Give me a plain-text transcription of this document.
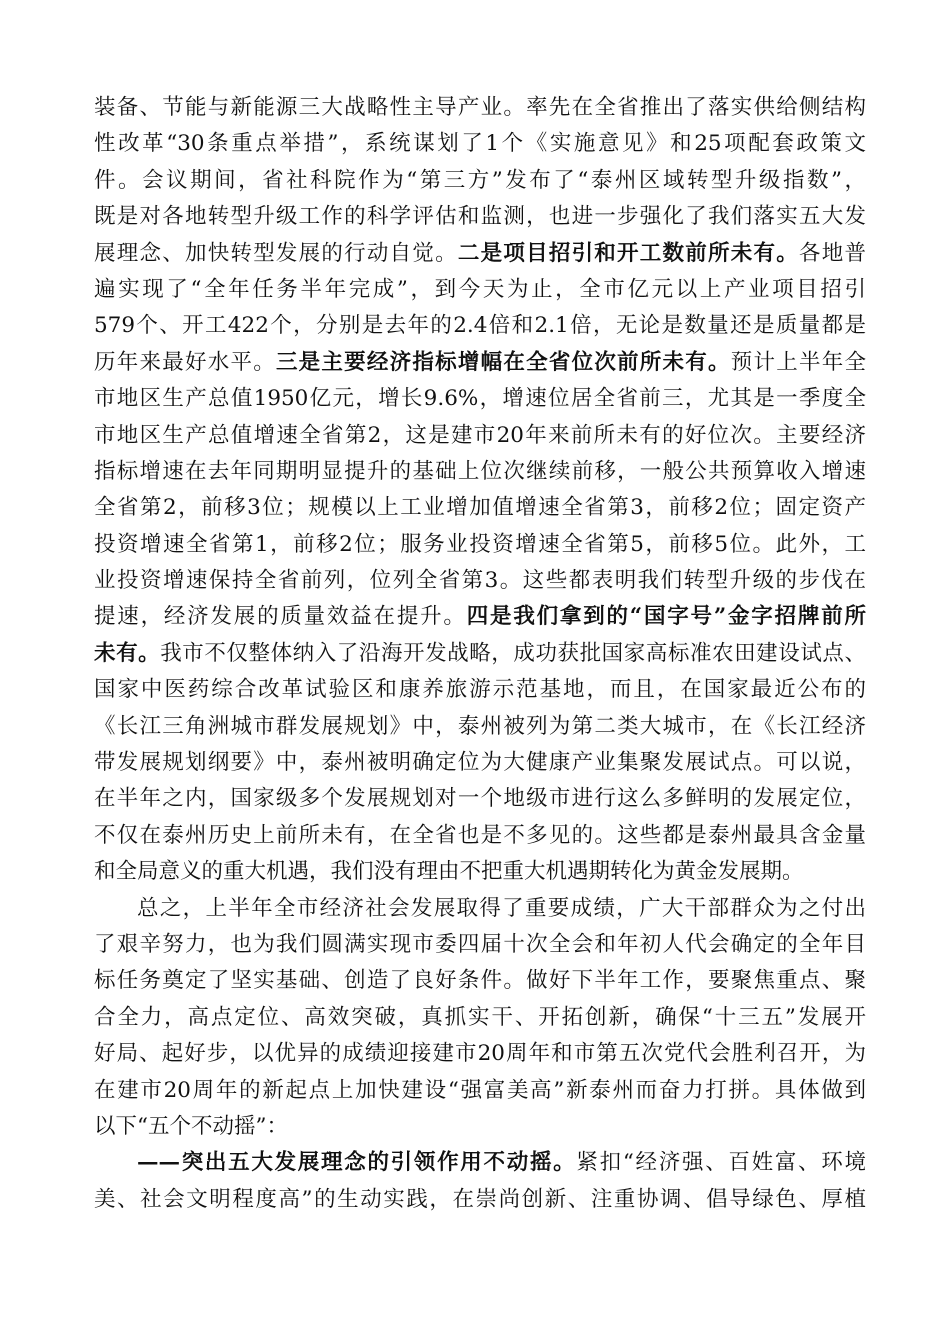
装备、节能与新能源三大战略性主导产业。率先在全省推出了落实供给侧结构
性改革“30条重点举措”，系统谋划了1个《实施意见》和25项配套政策文
件。会议期间，省社科院作为“第三方”发布了“泰州区域转型升级指数”，
既是对各地转型升级工作的科学评估和监测，也进一步强化了我们落实五大发
展理念、加快转型发展的行动自觉。二是项目招引和开工数前所未有。各地普
遍实现了“全年任务半年完成”，到今天为止，全市亿元以上产业项目招引
579个、开工422个，分别是去年的2.4倍和2.1倍，无论是数量还是质量都是
历年来最好水平。三是主要经济指标增幅在全省位次前所未有。预计上半年全
市地区生产总值1950亿元，增长9.6%，增速位居全省前三，尤其是一季度全
市地区生产总值增速全省第2，这是建市20年来前所未有的好位次。主要经济
指标增速在去年同期明显提升的基础上位次继续前移，一般公共预算收入增速
全省第2，前移3位；规模以上工业增加值增速全省第3，前移2位；固定资产
投资增速全省第1，前移2位；服务业投资增速全省第5，前移5位。此外，工
业投资增速保持全省前列，位列全省第3。这些都表明我们转型升级的步伐在
提速，经济发展的质量效益在提升。四是我们拿到的“国字号”金字招牌前所
未有。我市不仅整体纳入了沿海开发战略，成功获批国家高标准农田建设试点、
国家中医药综合改革试验区和康养旅游示范基地，而且，在国家最近公布的
《长江三角洲城市群发展规划》中，泰州被列为第二类大城市，在《长江经济
带发展规划纲要》中，泰州被明确定位为大健康产业集聚发展试点。可以说，
在半年之内，国家级多个发展规划对一个地级市进行这么多鲜明的发展定位，
不仅在泰州历史上前所未有，在全省也是不多见的。这些都是泰州最具含金量
和全局意义的重大机遇，我们没有理由不把重大机遇期转化为黄金发展期。
总之，上半年全市经济社会发展取得了重要成绩，广大干部群众为之付出
了艰辛努力，也为我们圆满实现市委四届十次全会和年初人代会确定的全年目
标任务奠定了坚实基础、创造了良好条件。做好下半年工作，要聚焦重点、聚
合全力，高点定位、高效突破，真抓实干、开拓创新，确保“十三五”发展开
好局、起好步，以优异的成绩迎接建市20周年和市第五次党代会胜利召开，为
在建市20周年的新起点上加快建设“强富美高”新泰州而奋力打拼。具体做到
以下“五个不动摇”：
——突出五大发展理念的引领作用不动摇。紧扣“经济强、百姓富、环境
美、社会文明程度高”的生动实践，在崇尚创新、注重协调、倡导绿色、厚植
